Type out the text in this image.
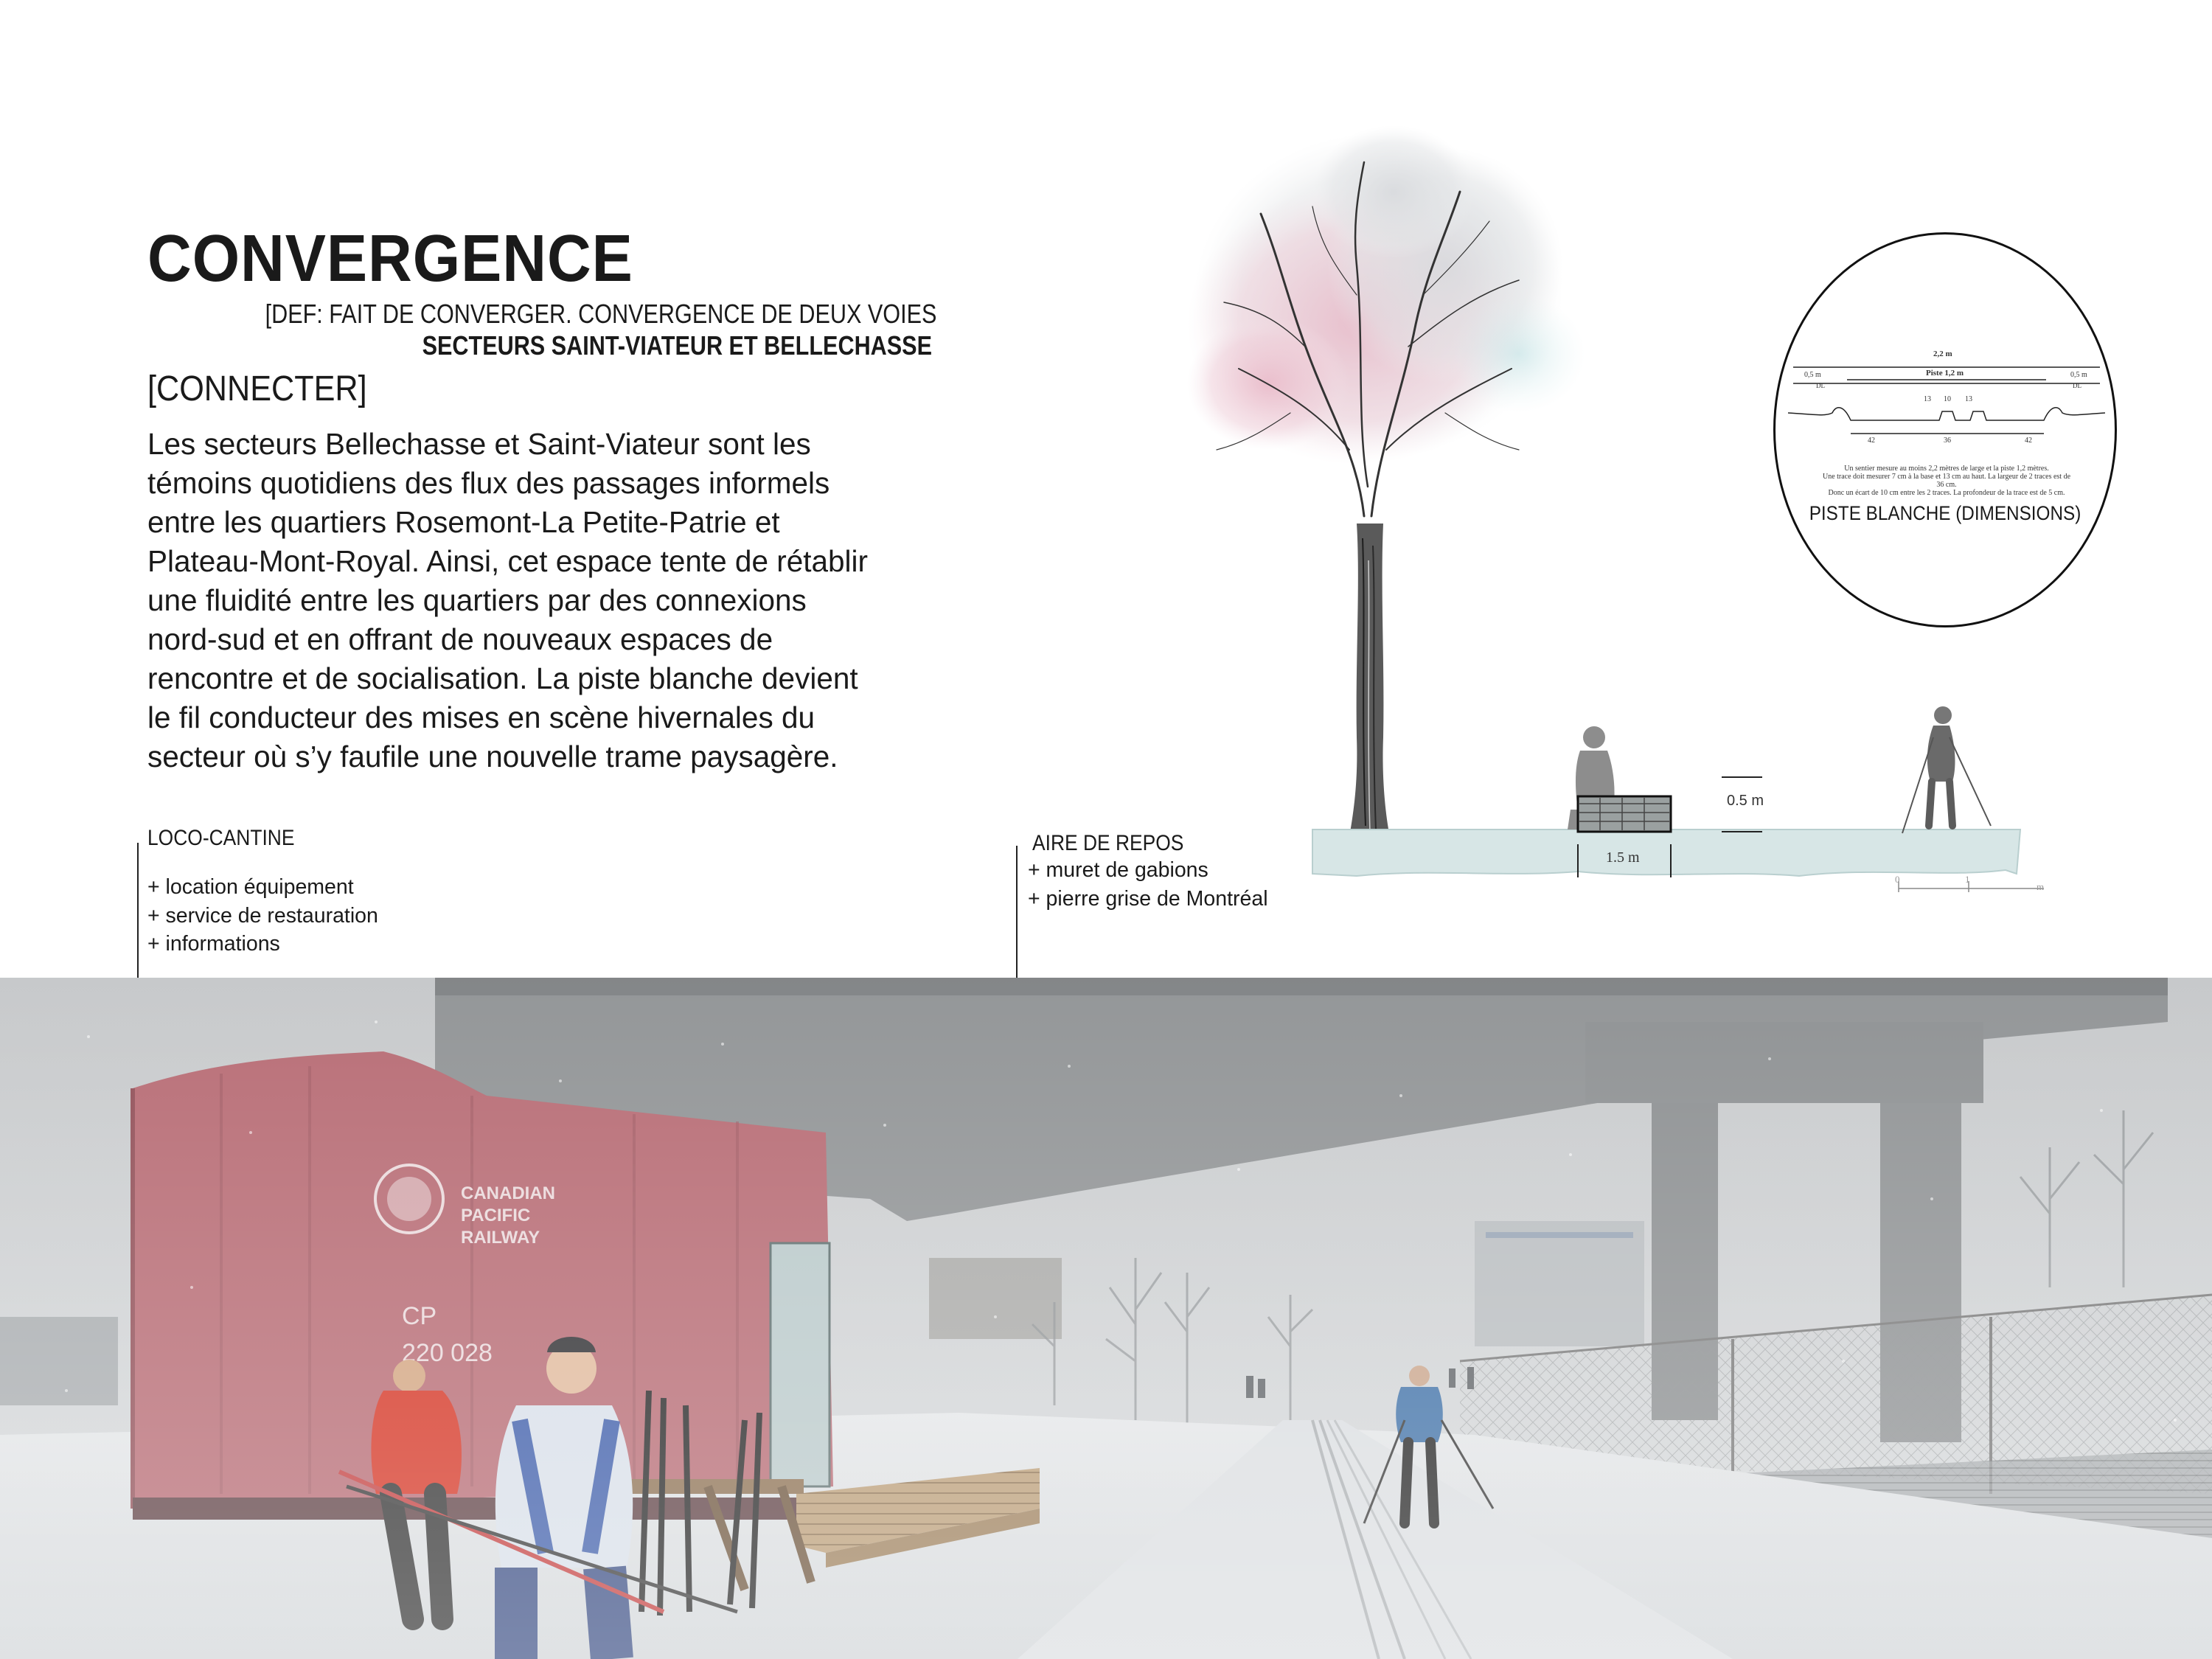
CONVERGENCE
[DEF: FAIT DE CONVERGER. CONVERGENCE DE DEUX VOIES
SECTEURS SAINT-VIATEUR ET BELLECHASSE
[CONNECTER]
Les secteurs Bellechasse et Saint-Viateur sont les
témoins quotidiens des flux des passages informels
entre les quartiers Rosemont-La Petite-Patrie et
Plateau-Mont-Royal. Ainsi, cet espace tente de rétablir
une fluidité entre les quartiers par des connexions
nord-sud et en offrant de nouveaux espaces de
rencontre et de socialisation. La piste blanche devient
le fil conducteur des mises en scène hivernales du
secteur où s’y faufile une nouvelle trame paysagère.
LOCO-CANTINE
+ location équipement
+ service de restauration
+ informations
AIRE DE REPOS
+ muret de gabions
+ pierre grise de Montréal
0.5 m
1.5 m
0	1
m
2,2 m
Piste 1,2 m
0,5 m	0,5 m
DL	DL
13 10 13
42	36	42
Un sentier mesure au moins 2,2 mètres de large et la piste 1,2 mètres.
Une trace doit mesurer 7 cm à la base et 13 cm au haut. La largeur de 2 traces est de 36 cm.
Donc un écart de 10 cm entre les 2 traces. La profondeur de la trace est de 5 cm.
PISTE BLANCHE (DIMENSIONS)
